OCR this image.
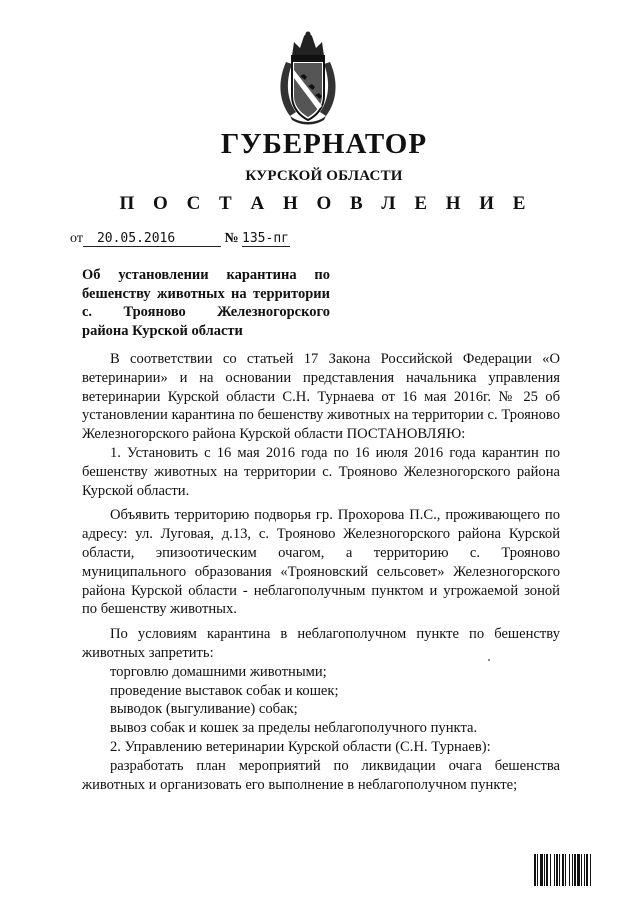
ГУБЕРНАТОР
КУРСКОЙ ОБЛАСТИ
П О С Т А Н О В Л Е Н И Е
от 20.05.2016	№ 135-пг
Об установлении карантина по
бешенству животных на территории
с. Трояново Железногорского
района Курской области

В соответствии со статьей 17 Закона Российской Федерации «О ветеринарии» и на основании представления начальника управления ветеринарии Курской области С.Н. Турнаева от 16 мая 2016г. № 25 об установлении карантина по бешенству животных на территории с. Трояново Железногорского района Курской области ПОСТАНОВЛЯЮ:

1. Установить с 16 мая 2016 года по 16 июля 2016 года карантин по бешенству животных на территории с. Трояново Железногорского района Курской области.

Объявить территорию подворья гр. Прохорова П.С., проживающего по адресу: ул. Луговая, д.13, с. Трояново Железногорского района Курской области, эпизоотическим очагом, а территорию с. Трояново муниципального образования «Трояновский сельсовет» Железногорского района Курской области - неблагополучным пунктом и угрожаемой зоной по бешенству животных.

По условиям карантина в неблагополучном пункте по бешенству животных запретить:

торговлю домашними животными;

проведение выставок собак и кошек;

выводок (выгуливание) собак;

вывоз собак и кошек за пределы неблагополучного пункта.

2. Управлению ветеринарии Курской области (С.Н. Турнаев):

разработать план мероприятий по ликвидации очага бешенства животных и организовать его выполнение в неблагополучном пункте;
